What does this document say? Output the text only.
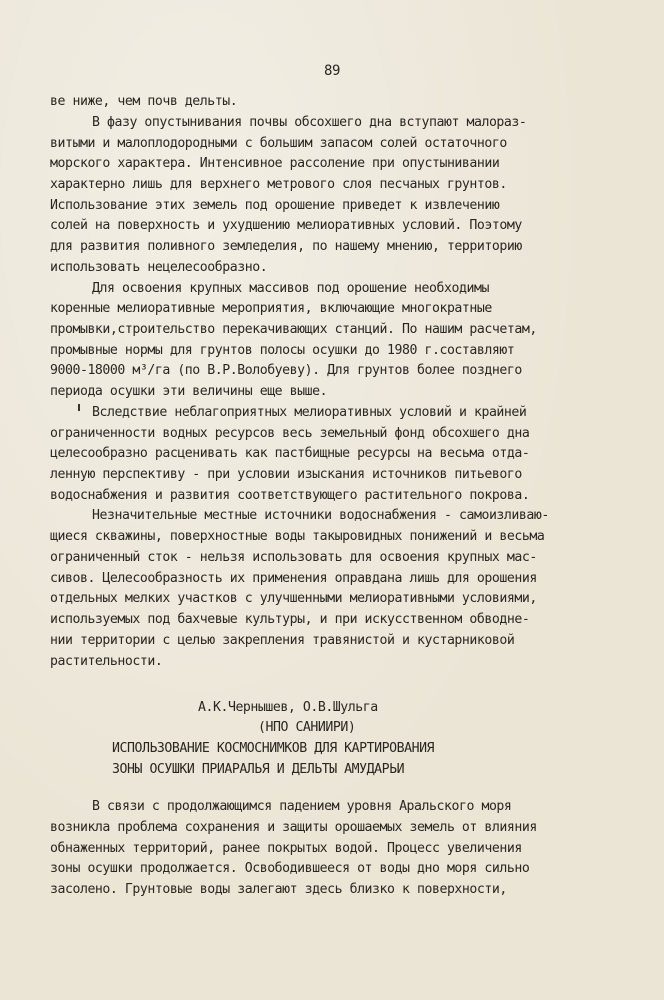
89
ве ниже, чем почв дельты.
В фазу опустынивания почвы обсохшего дна вступают малораз-
витыми и малоплодородными с большим запасом солей остаточного
морского характера. Интенсивное рассоление при опустынивании
характерно лишь для верхнего метрового слоя песчаных грунтов.
Использование этих земель под орошение приведет к извлечению
солей на поверхность и ухудшению мелиоративных условий. Поэтому
для развития поливного земледелия, по нашему мнению, территорию
использовать нецелесообразно.
Для освоения крупных массивов под орошение необходимы
коренные мелиоративные мероприятия, включающие многократные
промывки,строительство перекачивающих станций. По нашим расчетам,
промывные нормы для грунтов полосы осушки до 1980 г.составляют
9000-18000 м³/га (по В.Р.Волобуеву). Для грунтов более позднего
периода осушки эти величины еще выше.
Вследствие неблагоприятных мелиоративных условий и крайней
ограниченности водных ресурсов весь земельный фонд обсохшего дна
целесообразно расценивать как пастбищные ресурсы на весьма отда-
ленную перспективу - при условии изыскания источников питьевого
водоснабжения и развития соответствующего растительного покрова.
Незначительные местные источники водоснабжения - самоизливаю-
щиеся скважины, поверхностные воды такыровидных понижений и весьма
ограниченный сток - нельзя использовать для освоения крупных мас-
сивов. Целесообразность их применения оправдана лишь для орошения
отдельных мелких участков с улучшенными мелиоративными условиями,
используемых под бахчевые культуры, и при искусственном обводне-
нии территории с целью закрепления травянистой и кустарниковой
растительности.
А.К.Чернышев, О.В.Шульга
(НПО САНИИРИ)
ИСПОЛЬЗОВАНИЕ КОСМОСНИМКОВ ДЛЯ КАРТИРОВАНИЯ
ЗОНЫ ОСУШКИ ПРИАРАЛЬЯ И ДЕЛЬТЫ АМУДАРЬИ
В связи с продолжающимся падением уровня Аральского моря
возникла проблема сохранения и защиты орошаемых земель от влияния
обнаженных территорий, ранее покрытых водой. Процесс увеличения
зоны осушки продолжается. Освободившееся от воды дно моря сильно
засолено. Грунтовые воды залегают здесь близко к поверхности,
